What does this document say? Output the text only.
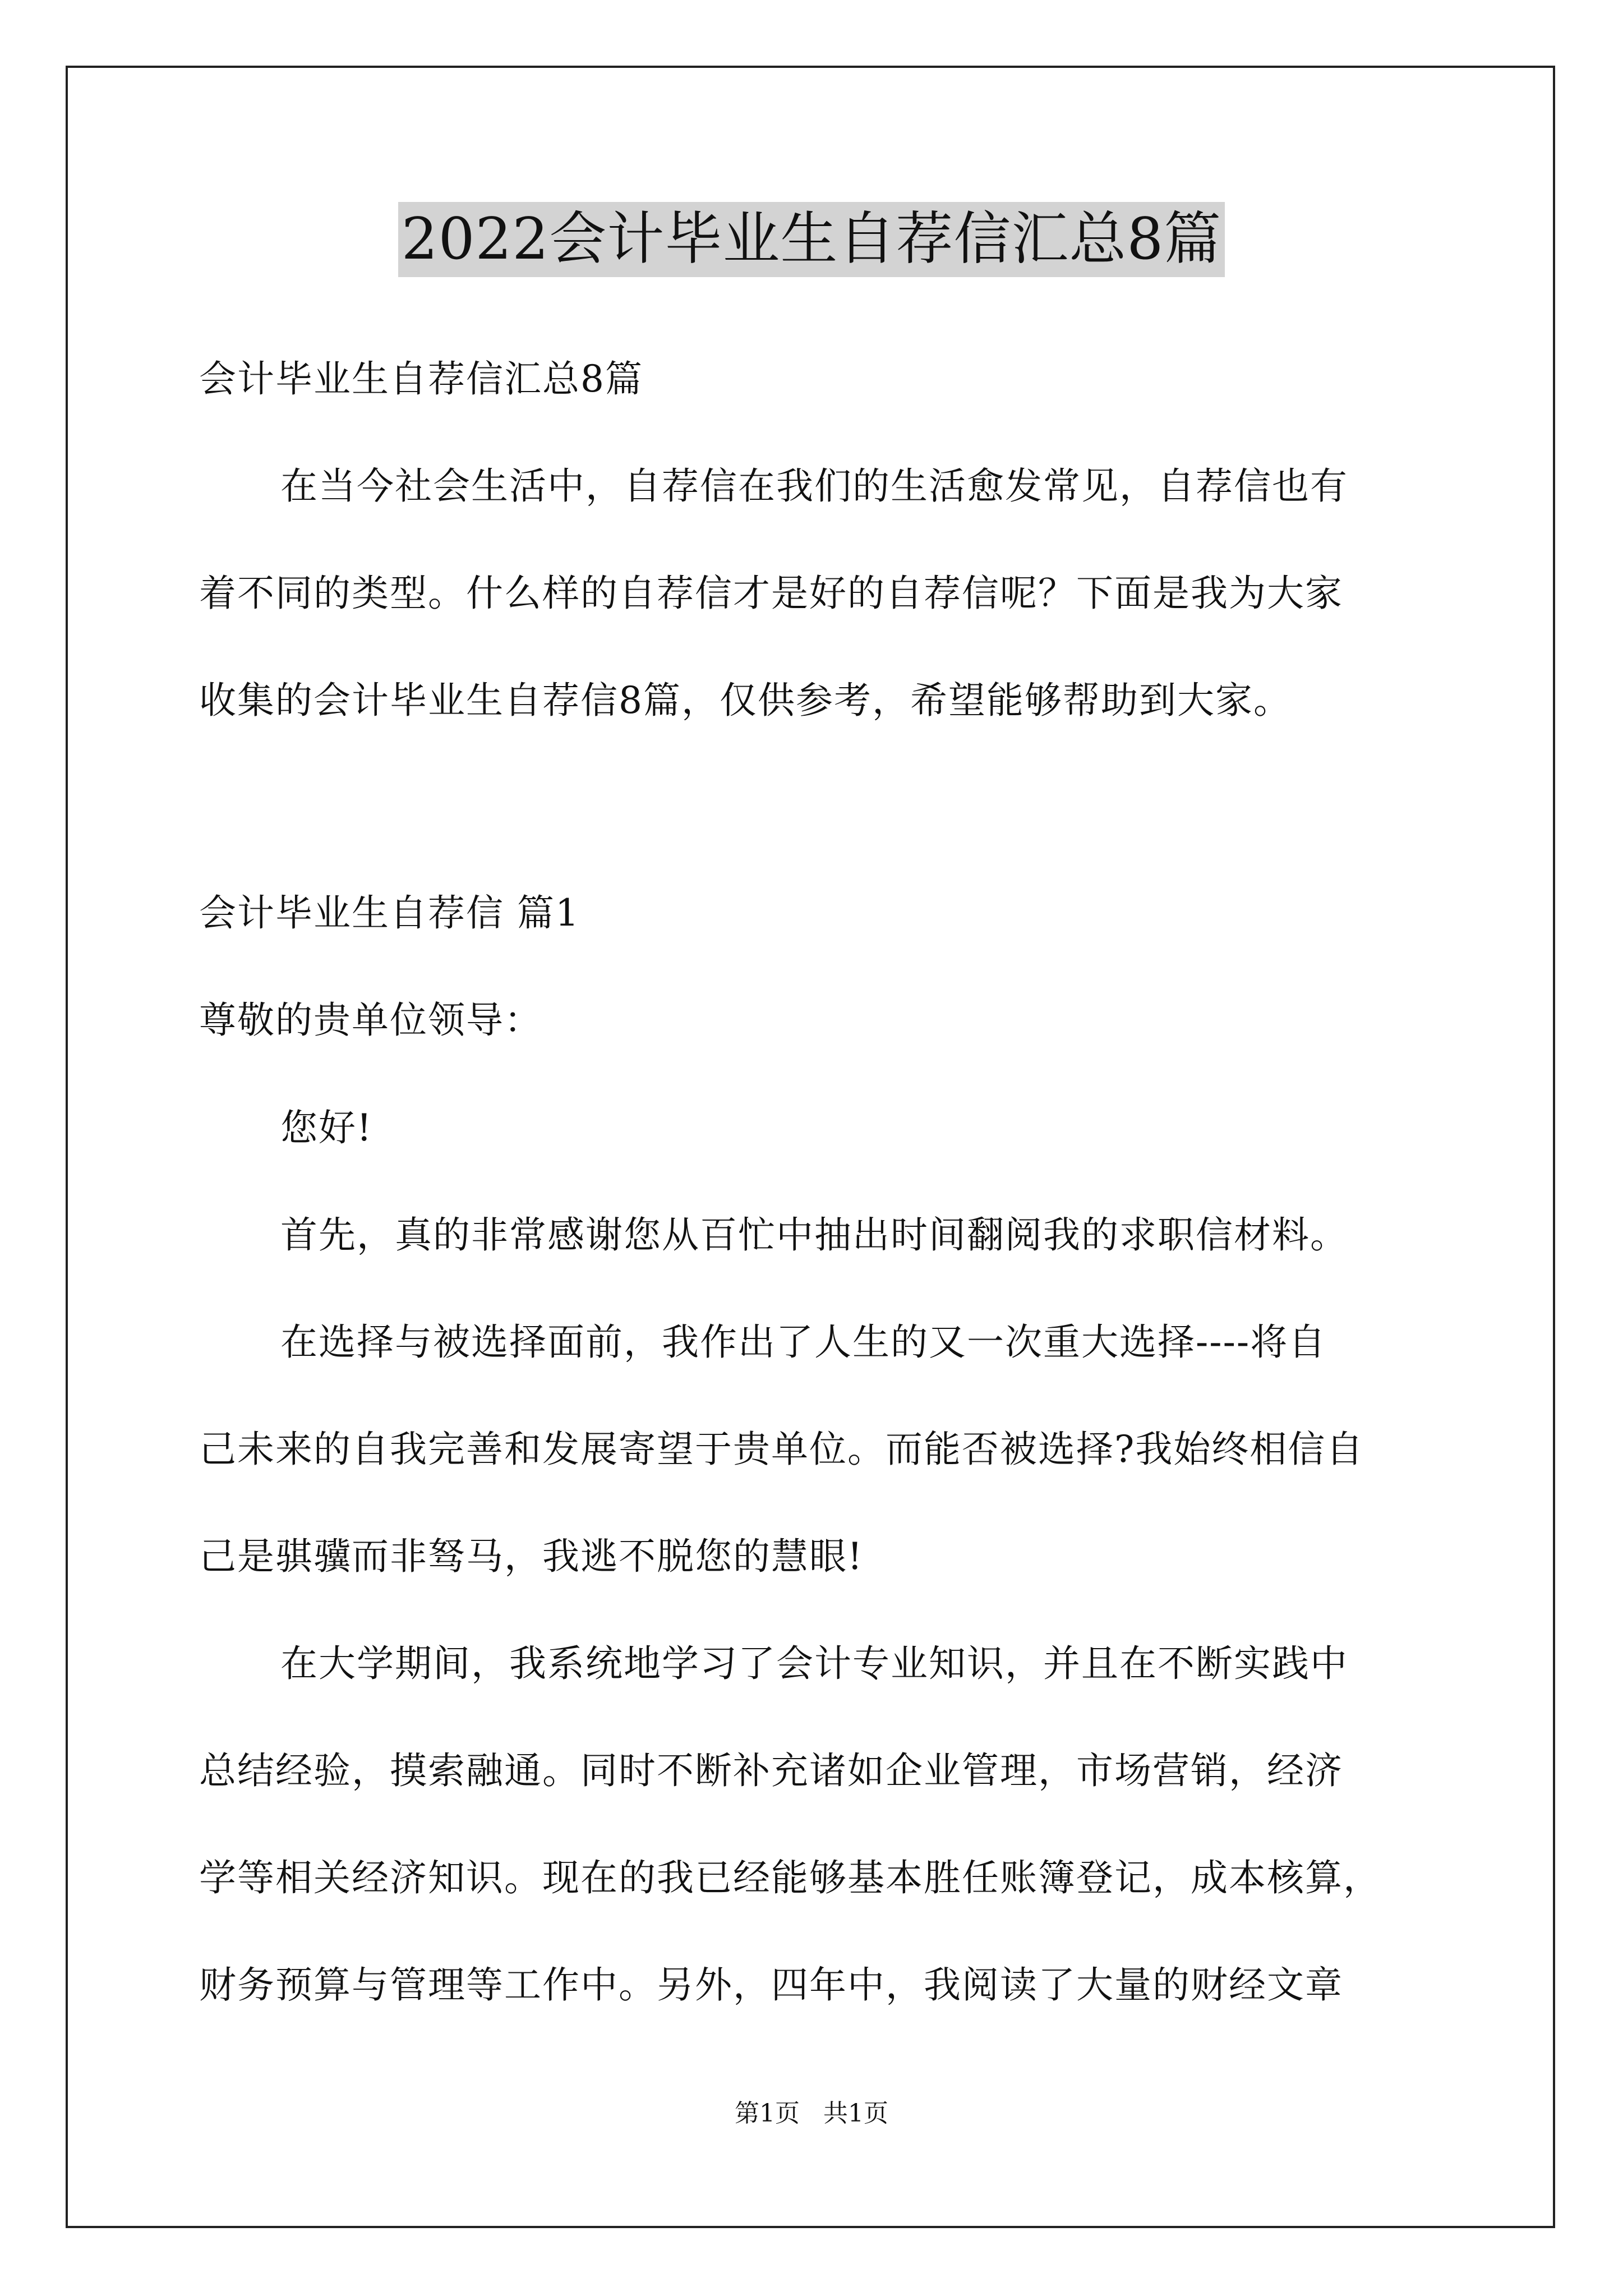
2022会计毕业生自荐信汇总8篇
会计毕业生自荐信汇总8篇
在当今社会生活中，自荐信在我们的生活愈发常见，自荐信也有
着不同的类型。什么样的自荐信才是好的自荐信呢？下面是我为大家
收集的会计毕业生自荐信8篇，仅供参考，希望能够帮助到大家。
会计毕业生自荐信 篇1
尊敬的贵单位领导：
您好!
首先，真的非常感谢您从百忙中抽出时间翻阅我的求职信材料。
在选择与被选择面前，我作出了人生的又一次重大选择----将自
己未来的自我完善和发展寄望于贵单位。而能否被选择?我始终相信自
己是骐骥而非驽马，我逃不脱您的慧眼!
在大学期间，我系统地学习了会计专业知识，并且在不断实践中
总结经验，摸索融通。同时不断补充诸如企业管理，市场营销，经济
学等相关经济知识。现在的我已经能够基本胜任账簿登记，成本核算，
财务预算与管理等工作中。另外，四年中，我阅读了大量的财经文章
第1页 共1页
